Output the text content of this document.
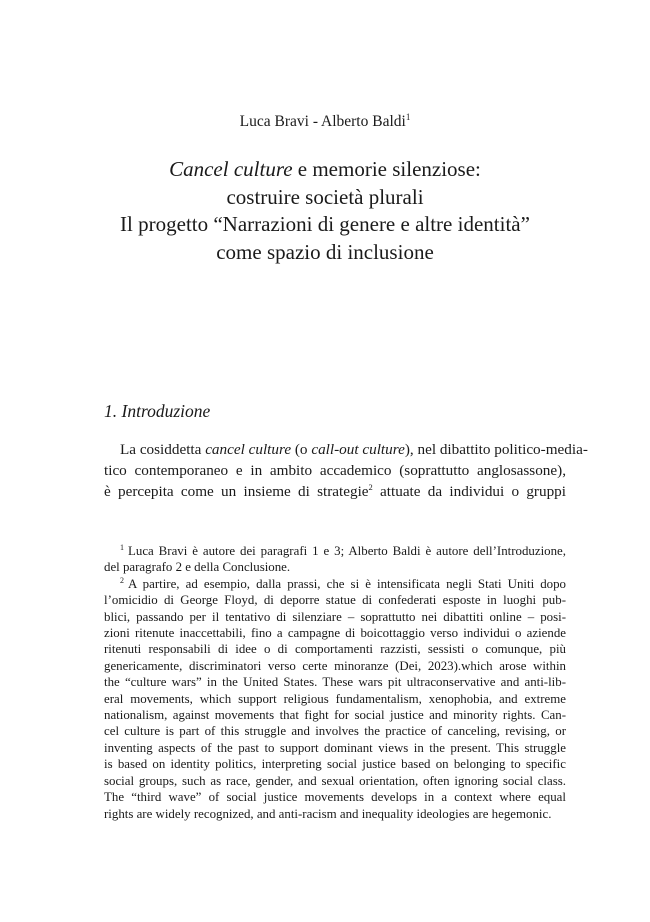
Luca Bravi - Alberto Baldi$^1$
Cancel culture e memorie silenziose:
costruire società plurali
Il progetto “Narrazioni di genere e altre identità”
come spazio di inclusione
1. Introduzione
La cosiddetta cancel culture (o call-out culture), nel dibattito politico-media-
tico contemporaneo e in ambito accademico (soprattutto anglosassone),
è percepita come un insieme di strategie$^2$ attuate da individui o gruppi
$^1$ Luca Bravi è autore dei paragrafi 1 e 3; Alberto Baldi è autore dell’Introduzione,
del paragrafo 2 e della Conclusione.
$^2$ A partire, ad esempio, dalla prassi, che si è intensificata negli Stati Uniti dopo
l’omicidio di George Floyd, di deporre statue di confederati esposte in luoghi pub-
blici, passando per il tentativo di silenziare – soprattutto nei dibattiti online – posi-
zioni ritenute inaccettabili, fino a campagne di boicottaggio verso individui o aziende
ritenuti responsabili di idee o di comportamenti razzisti, sessisti o comunque, più
genericamente, discriminatori verso certe minoranze (Dei, 2023).which arose within
the “culture wars” in the United States. These wars pit ultraconservative and anti-lib-
eral movements, which support religious fundamentalism, xenophobia, and extreme
nationalism, against movements that fight for social justice and minority rights. Can-
cel culture is part of this struggle and involves the practice of canceling, revising, or
inventing aspects of the past to support dominant views in the present. This struggle
is based on identity politics, interpreting social justice based on belonging to specific
social groups, such as race, gender, and sexual orientation, often ignoring social class.
The “third wave” of social justice movements develops in a context where equal
rights are widely recognized, and anti-racism and inequality ideologies are hegemonic.
